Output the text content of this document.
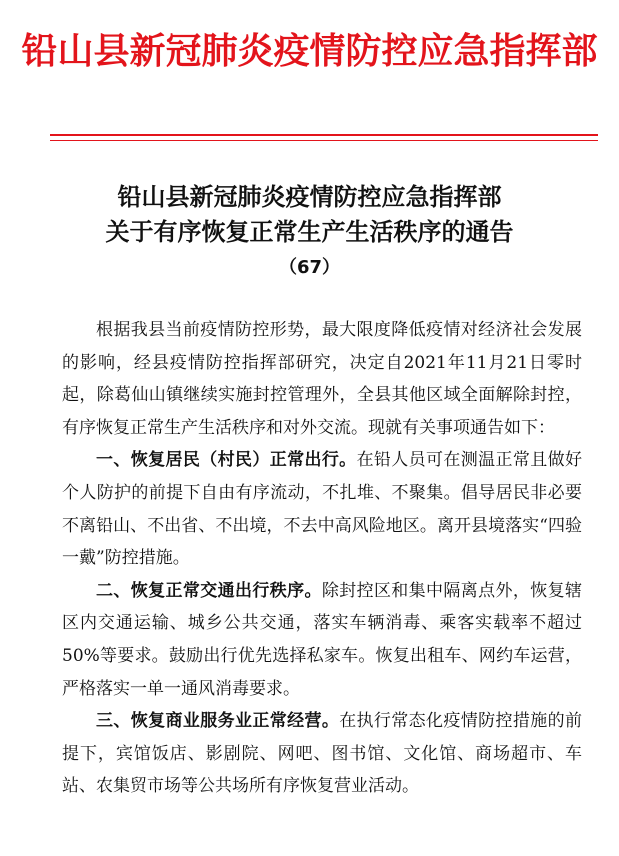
铅山县新冠肺炎疫情防控应急指挥部
铅山县新冠肺炎疫情防控应急指挥部
关于有序恢复正常生产生活秩序的通告
（67）

根据我县当前疫情防控形势，最大限度降低疫情对经济社会发展的影响，经县疫情防控指挥部研究，决定自2021年11月21日零时起，除葛仙山镇继续实施封控管理外，全县其他区域全面解除封控，有序恢复正常生产生活秩序和对外交流。现就有关事项通告如下：

一、恢复居民（村民）正常出行。在铅人员可在测温正常且做好个人防护的前提下自由有序流动，不扎堆、不聚集。倡导居民非必要不离铅山、不出省、不出境，不去中高风险地区。离开县境落实“四验一戴”防控措施。

二、恢复正常交通出行秩序。除封控区和集中隔离点外，恢复辖区内交通运输、城乡公共交通，落实车辆消毒、乘客实载率不超过50%等要求。鼓励出行优先选择私家车。恢复出租车、网约车运营，严格落实一单一通风消毒要求。

三、恢复商业服务业正常经营。在执行常态化疫情防控措施的前提下，宾馆饭店、影剧院、网吧、图书馆、文化馆、商场超市、车站、农集贸市场等公共场所有序恢复营业活动。
